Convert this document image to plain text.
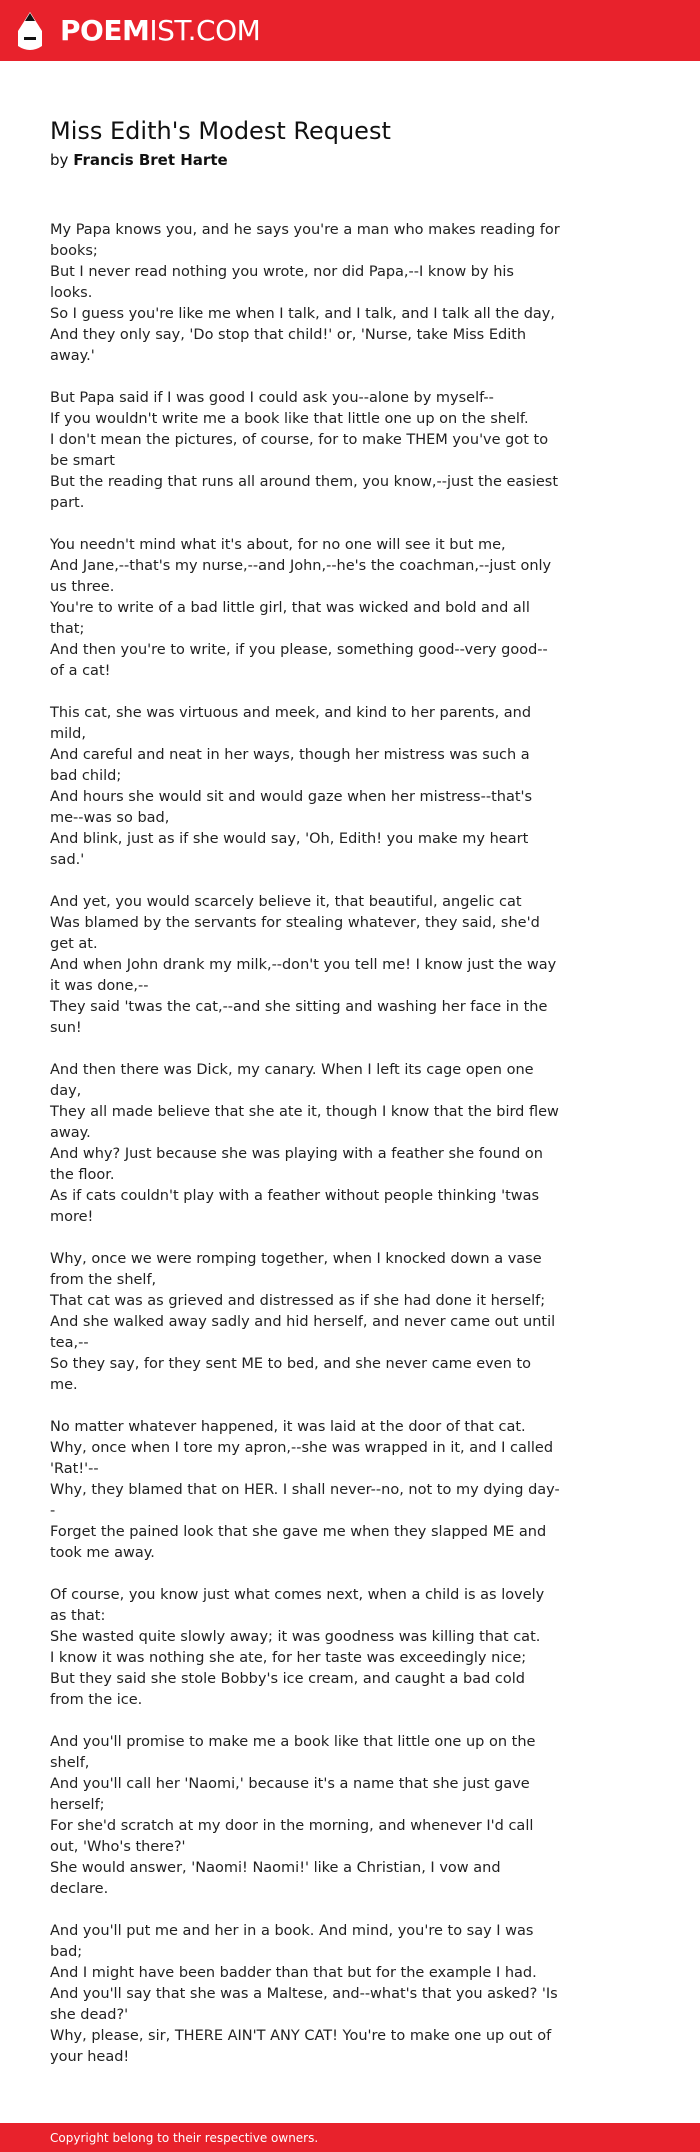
POEMIST.COM
Miss Edith's Modest Request
by Francis Bret Harte
My Papa knows you, and he says you're a man who makes reading for books;
But I never read nothing you wrote, nor did Papa,--I know by his looks.
So I guess you're like me when I talk, and I talk, and I talk all the day,
And they only say, 'Do stop that child!' or, 'Nurse, take Miss Edith away.'
But Papa said if I was good I could ask you--alone by myself--
If you wouldn't write me a book like that little one up on the shelf.
I don't mean the pictures, of course, for to make THEM you've got to be smart
But the reading that runs all around them, you know,--just the easiest part.
You needn't mind what it's about, for no one will see it but me,
And Jane,--that's my nurse,--and John,--he's the coachman,--just only us three.
You're to write of a bad little girl, that was wicked and bold and all that;
And then you're to write, if you please, something good--very good--of a cat!
This cat, she was virtuous and meek, and kind to her parents, and mild,
And careful and neat in her ways, though her mistress was such a bad child;
And hours she would sit and would gaze when her mistress--that's me--was so bad,
And blink, just as if she would say, 'Oh, Edith! you make my heart sad.'
And yet, you would scarcely believe it, that beautiful, angelic cat
Was blamed by the servants for stealing whatever, they said, she'd get at.
And when John drank my milk,--don't you tell me! I know just the way it was done,--
They said 'twas the cat,--and she sitting and washing her face in the sun!
And then there was Dick, my canary. When I left its cage open one day,
They all made believe that she ate it, though I know that the bird flew away.
And why? Just because she was playing with a feather she found on the floor.
As if cats couldn't play with a feather without people thinking 'twas more!
Why, once we were romping together, when I knocked down a vase from the shelf,
That cat was as grieved and distressed as if she had done it herself;
And she walked away sadly and hid herself, and never came out until tea,--
So they say, for they sent ME to bed, and she never came even to me.
No matter whatever happened, it was laid at the door of that cat.
Why, once when I tore my apron,--she was wrapped in it, and I called 'Rat!'--
Why, they blamed that on HER. I shall never--no, not to my dying day--
Forget the pained look that she gave me when they slapped ME and took me away.
Of course, you know just what comes next, when a child is as lovely as that:
She wasted quite slowly away; it was goodness was killing that cat.
I know it was nothing she ate, for her taste was exceedingly nice;
But they said she stole Bobby's ice cream, and caught a bad cold from the ice.
And you'll promise to make me a book like that little one up on the shelf,
And you'll call her 'Naomi,' because it's a name that she just gave herself;
For she'd scratch at my door in the morning, and whenever I'd call out, 'Who's there?'
She would answer, 'Naomi! Naomi!' like a Christian, I vow and declare.
And you'll put me and her in a book. And mind, you're to say I was bad;
And I might have been badder than that but for the example I had.
And you'll say that she was a Maltese, and--what's that you asked? 'Is she dead?'
Why, please, sir, THERE AIN'T ANY CAT! You're to make one up out of your head!
Copyright belong to their respective owners.
